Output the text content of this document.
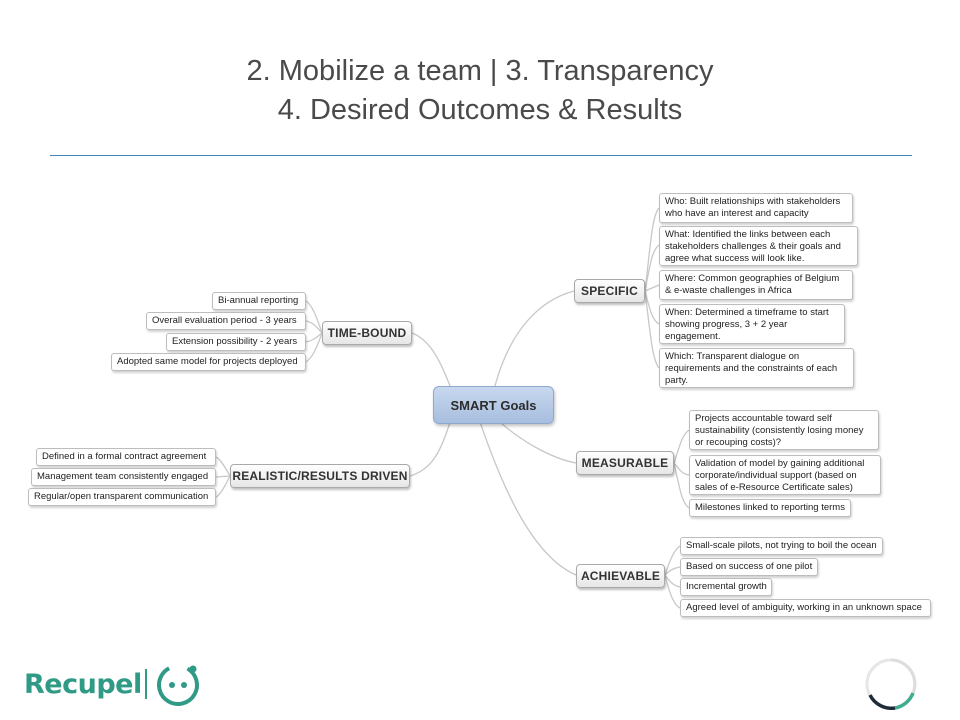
2. Mobilize a team | 3. Transparency
4. Desired Outcomes & Results
SMART Goals
SPECIFIC
MEASURABLE
ACHIEVABLE
TIME-BOUND
REALISTIC/RESULTS DRIVEN
Who: Built relationships with stakeholders who have an interest and capacity
What: Identified the links between each stakeholders challenges & their goals and agree what success will look like.
Where: Common geographies of Belgium & e-waste challenges in Africa
When: Determined a timeframe to start showing progress, 3 + 2 year engagement.
Which: Transparent dialogue on requirements and the constraints of each party.
Projects accountable toward self sustainability (consistently losing money or recouping costs)?
Validation of model by gaining additional corporate/individual support (based on sales of e-Resource Certificate sales)
Milestones linked to reporting terms
Small-scale pilots, not trying to boil the ocean
Based on success of one pilot
Incremental growth
Agreed level of ambiguity, working in an unknown space
Bi-annual reporting
Overall evaluation period - 3 years
Extension possibility - 2 years
Adopted same model for projects deployed
Defined in a formal contract agreement
Management team consistently engaged
Regular/open transparent communication
Recupel
